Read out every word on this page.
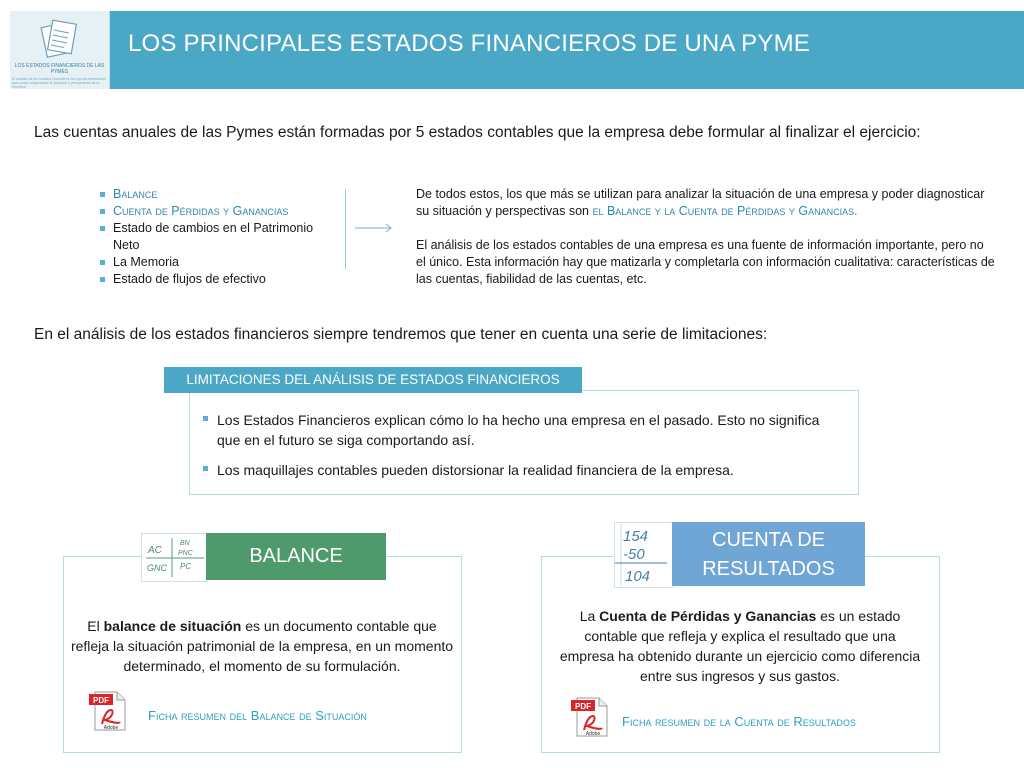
LOS ESTADOS FINANCIEROS DE LAS PYMES
El análisis de los estados financieros nos aporta información para poder diagnosticar la situación y perspectivas de la empresa.
LOS PRINCIPALES ESTADOS FINANCIEROS DE UNA PYME
Las cuentas anuales de las Pymes están formadas por 5 estados contables que la empresa debe formular al finalizar el ejercicio:
Balance
Cuenta de Pérdidas y Ganancias
Estado de cambios en el Patrimonio Neto
La Memoria
Estado de flujos de efectivo

De todos estos, los que más se utilizan para analizar la situación de una empresa y poder diagnosticar su situación y perspectivas son el Balance y la Cuenta de Pérdidas y Ganancias.

El análisis de los estados contables de una empresa es una fuente de información importante, pero no el único. Esta información hay que matizarla y completarla con información cualitativa: características de las cuentas, fiabilidad de las cuentas, etc.

En el análisis de los estados financieros siempre tendremos que tener en cuenta una serie de limitaciones:
LIMITACIONES DEL ANÁLISIS DE ESTADOS FINANCIEROS
Los Estados Financieros explican cómo lo ha hecho una empresa en el pasado. Esto no significa que en el futuro se siga comportando así.
Los maquillajes contables pueden distorsionar la realidad financiera de la empresa.
AC
BN
PNC
GNC PC	BALANCE
El balance de situación es un documento contable que refleja la situación patrimonial de la empresa, en un momento determinado, el momento de su formulación.
PDF
Adobe
Ficha resumen del Balance de Situación
154
-50
104
CUENTA DE
RESULTADOS
La Cuenta de Pérdidas y Ganancias es un estado contable que refleja y explica el resultado que una empresa ha obtenido durante un ejercicio como diferencia entre sus ingresos y sus gastos.
PDF
Adobe
Ficha resumen de la Cuenta de Resultados
